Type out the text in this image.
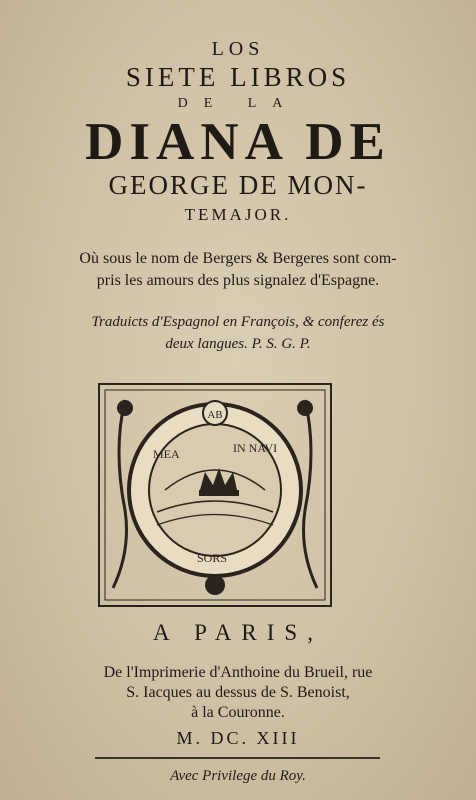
LOS
SIETE LIBROS
DE LA
DIANA DE
GEORGE DE MON-
TEMAJOR.
Où sous le nom de Bergers & Bergeres sont com-
pris les amours des plus signalez d'Espagne.
Traduicts d'Espagnol en François, & conferez és
deux langues. P. S. G. P.
AB
MEA	IN NAVI
SORS
A PARIS,
De l'Imprimerie d'Anthoine du Brueil, rue
S. Iacques au dessus de S. Benoist,
à la Couronne.
M. DC. XIII
Avec Privilege du Roy.
